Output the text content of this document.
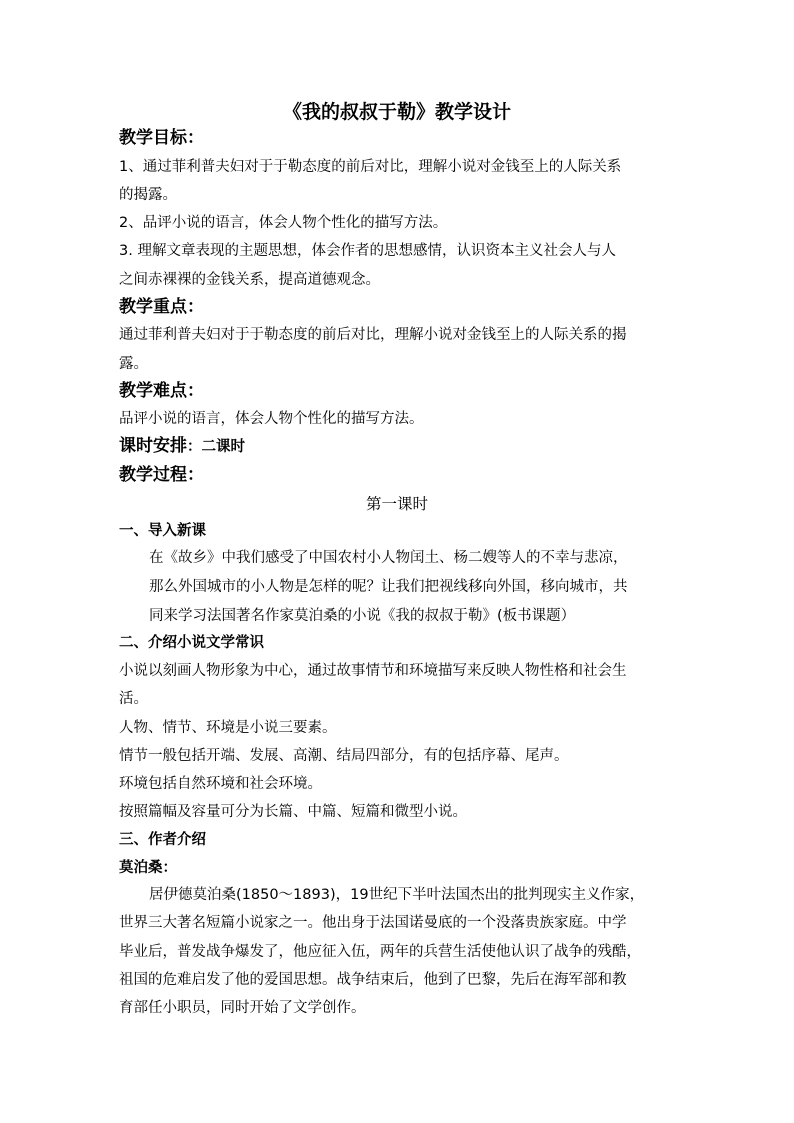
《我的叔叔于勒》教学设计
教学目标：
1、通过菲利普夫妇对于于勒态度的前后对比，理解小说对金钱至上的人际关系
的揭露。
2、品评小说的语言，体会人物个性化的描写方法。
3. 理解文章表现的主题思想，体会作者的思想感情，认识资本主义社会人与人
之间赤裸裸的金钱关系，提高道德观念。
教学重点：
通过菲利普夫妇对于于勒态度的前后对比，理解小说对金钱至上的人际关系的揭
露。
教学难点：
品评小说的语言，体会人物个性化的描写方法。
课时安排：二课时
教学过程：
第一课时
一、导入新课
在《故乡》中我们感受了中国农村小人物闰土、杨二嫂等人的不幸与悲凉，
那么外国城市的小人物是怎样的呢？让我们把视线移向外国，移向城市，共
同来学习法国著名作家莫泊桑的小说《我的叔叔于勒》(板书课题）
二、介绍小说文学常识
小说以刻画人物形象为中心，通过故事情节和环境描写来反映人物性格和社会生
活。
人物、情节、环境是小说三要素。
情节一般包括开端、发展、高潮、结局四部分，有的包括序幕、尾声。
环境包括自然环境和社会环境。
按照篇幅及容量可分为长篇、中篇、短篇和微型小说。
三、作者介绍
莫泊桑：
居伊德莫泊桑(1850～1893)，19世纪下半叶法国杰出的批判现实主义作家，
世界三大著名短篇小说家之一。他出身于法国诺曼底的一个没落贵族家庭。中学
毕业后，普发战争爆发了，他应征入伍，两年的兵营生活使他认识了战争的残酷，
祖国的危难启发了他的爱国思想。战争结束后，他到了巴黎，先后在海军部和教
育部任小职员，同时开始了文学创作。
